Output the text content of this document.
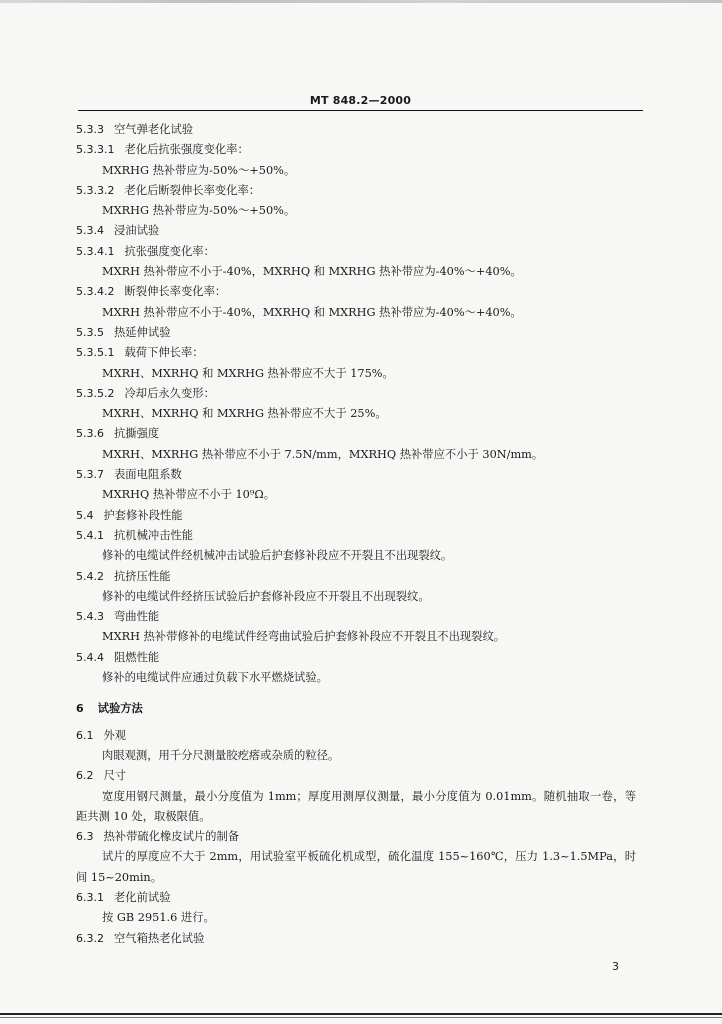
MT 848.2—2000
5.3.3 空气弹老化试验
5.3.3.1 老化后抗张强度变化率：
MXRHG 热补带应为-50%～+50%。
5.3.3.2 老化后断裂伸长率变化率：
MXRHG 热补带应为-50%～+50%。
5.3.4 浸油试验
5.3.4.1 抗张强度变化率：
MXRH 热补带应不小于-40%，MXRHQ 和 MXRHG 热补带应为-40%～+40%。
5.3.4.2 断裂伸长率变化率：
MXRH 热补带应不小于-40%，MXRHQ 和 MXRHG 热补带应为-40%～+40%。
5.3.5 热延伸试验
5.3.5.1 载荷下伸长率：
MXRH、MXRHQ 和 MXRHG 热补带应不大于 175%。
5.3.5.2 冷却后永久变形：
MXRH、MXRHQ 和 MXRHG 热补带应不大于 25%。
5.3.6 抗撕强度
MXRH、MXRHG 热补带应不小于 7.5N/mm，MXRHQ 热补带应不小于 30N/mm。
5.3.7 表面电阻系数
MXRHQ 热补带应不小于 10⁹Ω。
5.4 护套修补段性能
5.4.1 抗机械冲击性能
修补的电缆试件经机械冲击试验后护套修补段应不开裂且不出现裂纹。
5.4.2 抗挤压性能
修补的电缆试件经挤压试验后护套修补段应不开裂且不出现裂纹。
5.4.3 弯曲性能
MXRH 热补带修补的电缆试件经弯曲试验后护套修补段应不开裂且不出现裂纹。
5.4.4 阻燃性能
修补的电缆试件应通过负载下水平燃烧试验。
6 试验方法
6.1 外观
肉眼观测，用千分尺测量胶疙瘩或杂质的粒径。
6.2 尺寸
宽度用钢尺测量，最小分度值为 1mm；厚度用测厚仪测量，最小分度值为 0.01mm。随机抽取一卷，等距共测 10 处，取极限值。
6.3 热补带硫化橡皮试片的制备
试片的厚度应不大于 2mm，用试验室平板硫化机成型，硫化温度 155~160℃，压力 1.3~1.5MPa，时间 15~20min。
6.3.1 老化前试验
按 GB 2951.6 进行。
6.3.2 空气箱热老化试验
3
